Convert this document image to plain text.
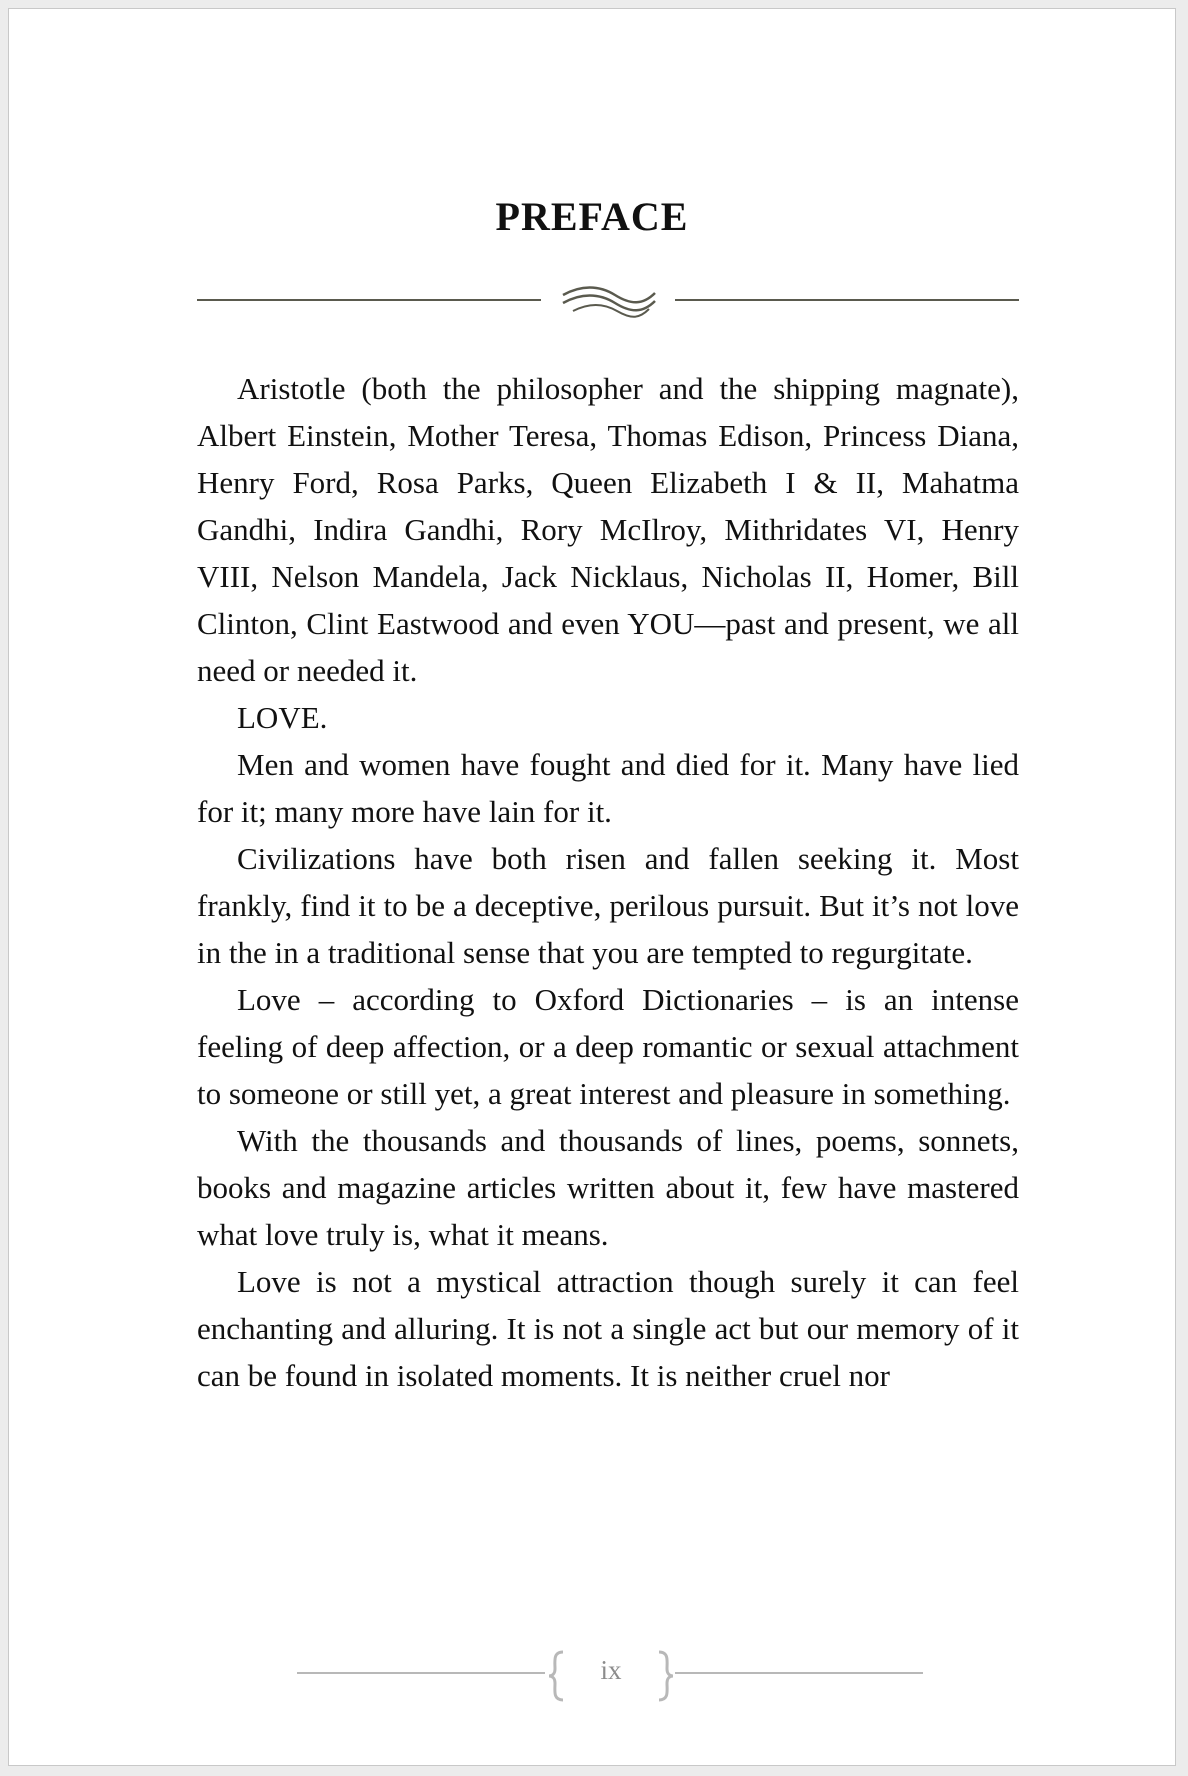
PREFACE

Aristotle (both the philosopher and the shipping magnate), Albert Einstein, Mother Teresa, Thomas Edison, Princess Diana, Henry Ford, Rosa Parks, Queen Elizabeth I & II, Mahatma Gandhi, Indira Gandhi, Rory McIlroy, Mithridates VI, Henry VIII, Nelson Mandela, Jack Nicklaus, Nicholas II, Homer, Bill Clinton, Clint Eastwood and even YOU—past and present, we all need or needed it.

LOVE.

Men and women have fought and died for it. Many have lied for it; many more have lain for it.

Civilizations have both risen and fallen seeking it. Most frankly, find it to be a deceptive, perilous pursuit. But it’s not love in the in a traditional sense that you are tempted to regurgitate.

Love – according to Oxford Dictionaries – is an intense feeling of deep affection, or a deep romantic or sexual attachment to someone or still yet, a great interest and pleasure in something.

With the thousands and thousands of lines, poems, sonnets, books and magazine articles written about it, few have mastered what love truly is, what it means.

Love is not a mystical attraction though surely it can feel enchanting and alluring. It is not a single act but our memory of it can be found in isolated moments. It is neither cruel nor

ix
